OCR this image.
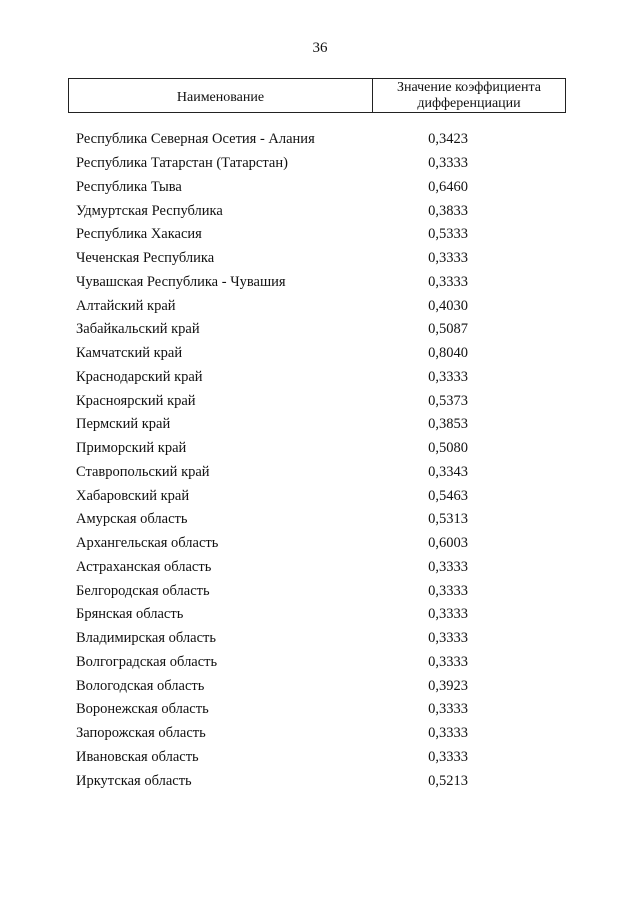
36
Наименование
Значение коэффициента
дифференциации
Республика Северная Осетия - Алания	0,3423
Республика Татарстан (Татарстан)	0,3333
Республика Тыва	0,6460
Удмуртская Республика	0,3833
Республика Хакасия	0,5333
Чеченская Республика	0,3333
Чувашская Республика - Чувашия	0,3333
Алтайский край	0,4030
Забайкальский край	0,5087
Камчатский край	0,8040
Краснодарский край	0,3333
Красноярский край	0,5373
Пермский край	0,3853
Приморский край	0,5080
Ставропольский край	0,3343
Хабаровский край	0,5463
Амурская область	0,5313
Архангельская область	0,6003
Астраханская область	0,3333
Белгородская область	0,3333
Брянская область	0,3333
Владимирская область	0,3333
Волгоградская область	0,3333
Вологодская область	0,3923
Воронежская область	0,3333
Запорожская область	0,3333
Ивановская область	0,3333
Иркутская область	0,5213
